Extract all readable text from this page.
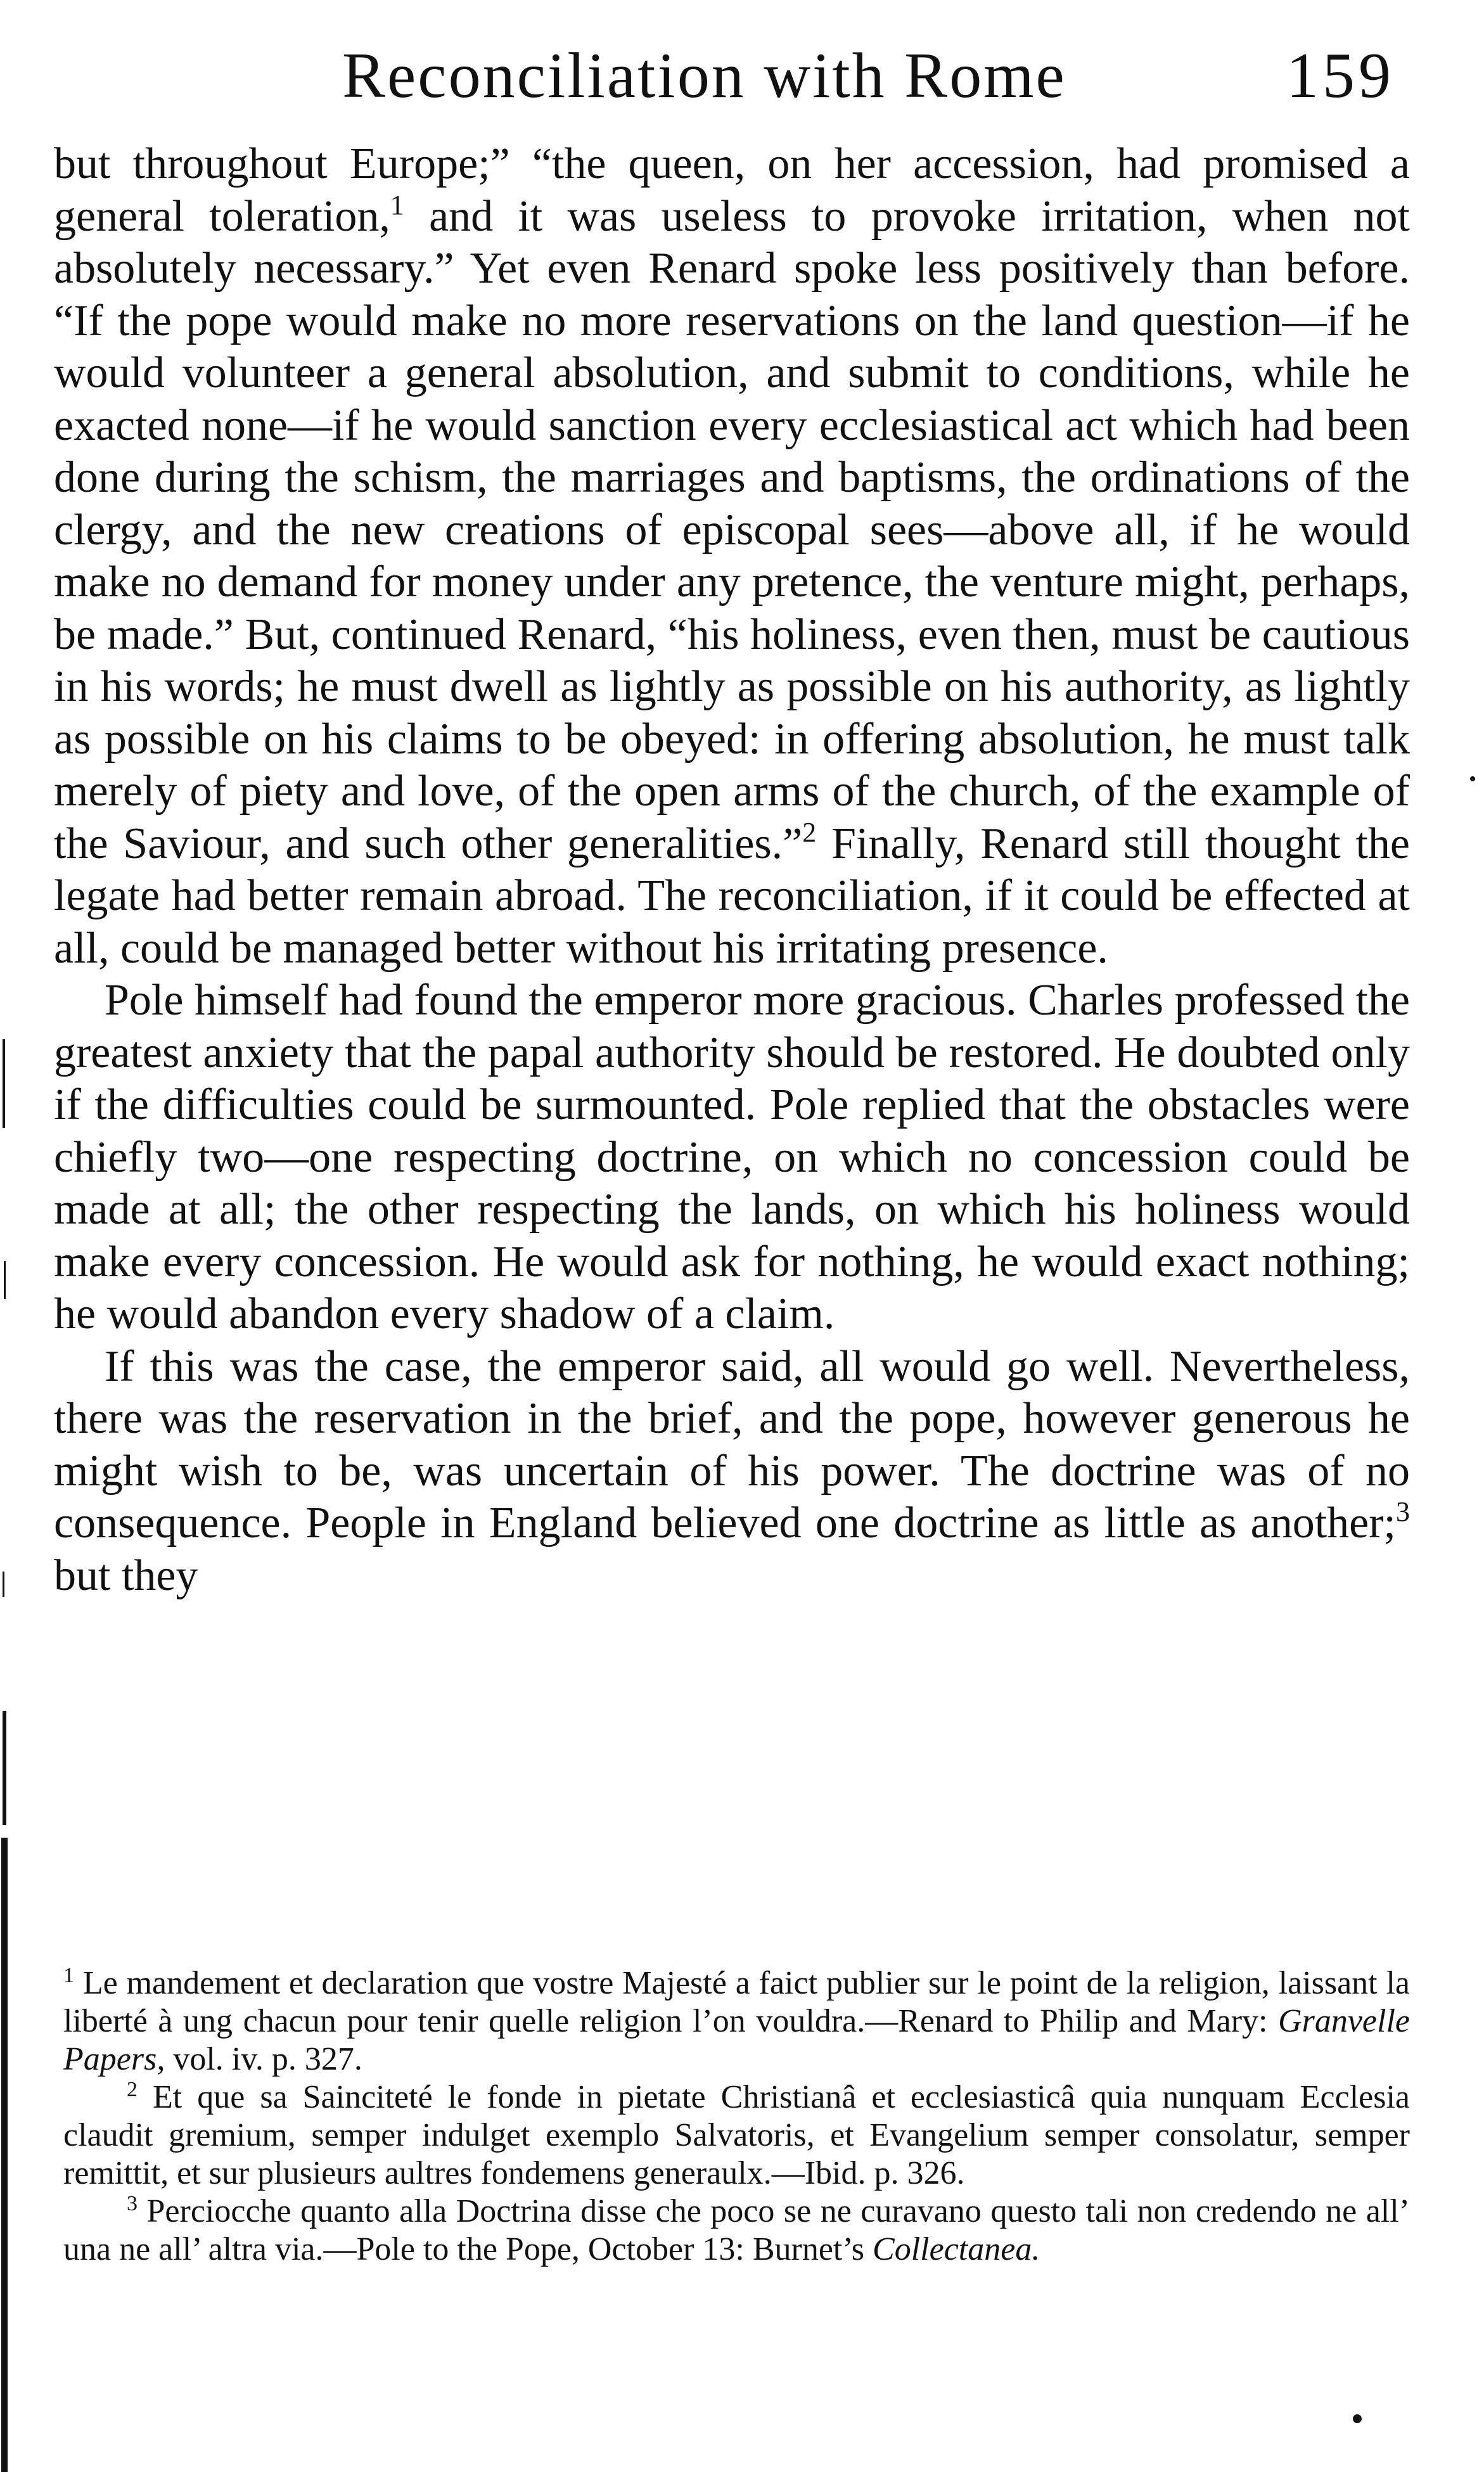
Reconciliation with Rome	159

but throughout Europe;” “the queen, on her accession, had promised a general toleration,$^1$ and it was useless to provoke irritation, when not absolutely necessary.” Yet even Renard spoke less positively than before. “If the pope would make no more reservations on the land question—if he would volunteer a general absolution, and submit to conditions, while he exacted none—if he would sanction every ecclesiastical act which had been done during the schism, the marriages and baptisms, the ordinations of the clergy, and the new creations of episcopal sees—above all, if he would make no demand for money under any pretence, the venture might, perhaps, be made.” But, continued Renard, “his holiness, even then, must be cautious in his words; he must dwell as lightly as possible on his authority, as lightly as possible on his claims to be obeyed: in offering absolution, he must talk merely of piety and love, of the open arms of the church, of the example of the Saviour, and such other generalities.”$^2$ Finally, Renard still thought the legate had better remain abroad. The reconciliation, if it could be effected at all, could be managed better without his irritating presence.

Pole himself had found the emperor more gracious. Charles professed the greatest anxiety that the papal authority should be restored. He doubted only if the difficulties could be surmounted. Pole replied that the obstacles were chiefly two—one respecting doctrine, on which no concession could be made at all; the other respecting the lands, on which his holiness would make every concession. He would ask for nothing, he would exact nothing; he would abandon every shadow of a claim.

If this was the case, the emperor said, all would go well. Nevertheless, there was the reservation in the brief, and the pope, however generous he might wish to be, was uncertain of his power. The doctrine was of no consequence. People in England believed one doctrine as little as another;$^3$ but they

$^1$ Le mandement et declaration que vostre Majesté a faict publier sur le point de la religion, laissant la liberté à ung chacun pour tenir quelle religion l’on vouldra.—Renard to Philip and Mary: Granvelle Papers, vol. iv. p. 327.

$^2$ Et que sa Sainciteté le fonde in pietate Christianâ et ecclesiasticâ quia nunquam Ecclesia claudit gremium, semper indulget exemplo Salvatoris, et Evangelium semper consolatur, semper remittit, et sur plusieurs aultres fondemens generaulx.—Ibid. p. 326.

$^3$ Perciocche quanto alla Doctrina disse che poco se ne curavano questo tali non credendo ne all’ una ne all’ altra via.—Pole to the Pope, October 13: Burnet’s Collectanea.
